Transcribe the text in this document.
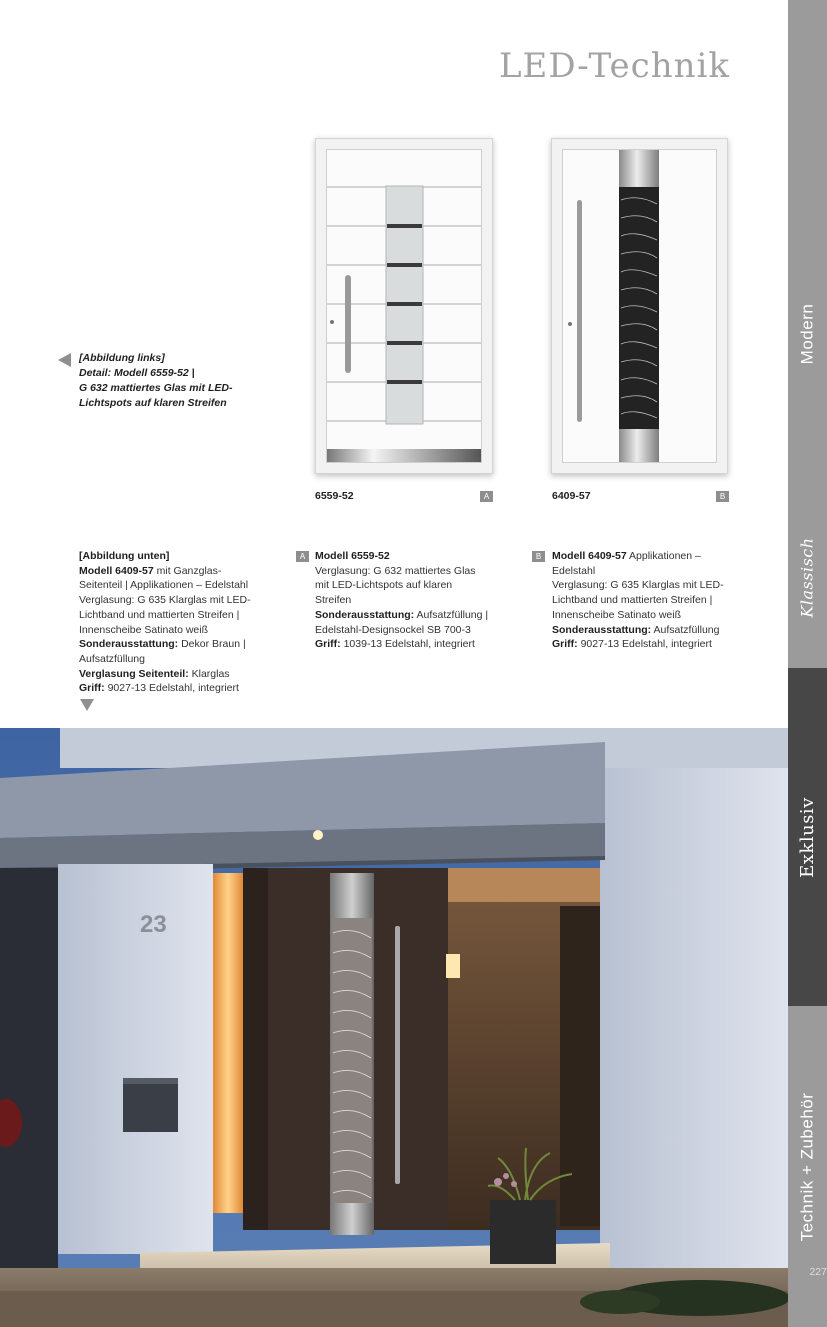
LED-Technik
Modern
Klassisch
Exklusiv
Technik + Zubehör

[Abbildung links]

Detail: Modell 6559-52 |

G 632 mattiertes Glas mit LED-

Lichtspots auf klaren Streifen

6559-52	A	6409-57	B

[Abbildung unten]

Modell 6409-57 mit Ganzglas-

Seitenteil | Applikationen – Edelstahl

Verglasung: G 635 Klarglas mit LED-

Lichtband und mattierten Streifen |

Innenscheibe Satinato weiß

Sonderausstattung: Dekor Braun |

Aufsatzfüllung

Verglasung Seitenteil: Klarglas

Griff: 9027-13 Edelstahl, integriert

A Modell 6559-52

Verglasung: G 632 mattiertes Glas

mit LED-Lichtspots auf klaren

Streifen

Sonderausstattung: Aufsatzfüllung |

Edelstahl-Designsockel SB 700-3

Griff: 1039-13 Edelstahl, integriert

B	Modell 6409-57 Applikationen –

Edelstahl

Verglasung: G 635 Klarglas mit LED-

Lichtband und mattierten Streifen |

Innenscheibe Satinato weiß

Sonderausstattung: Aufsatzfüllung

Griff: 9027-13 Edelstahl, integriert

23
227
